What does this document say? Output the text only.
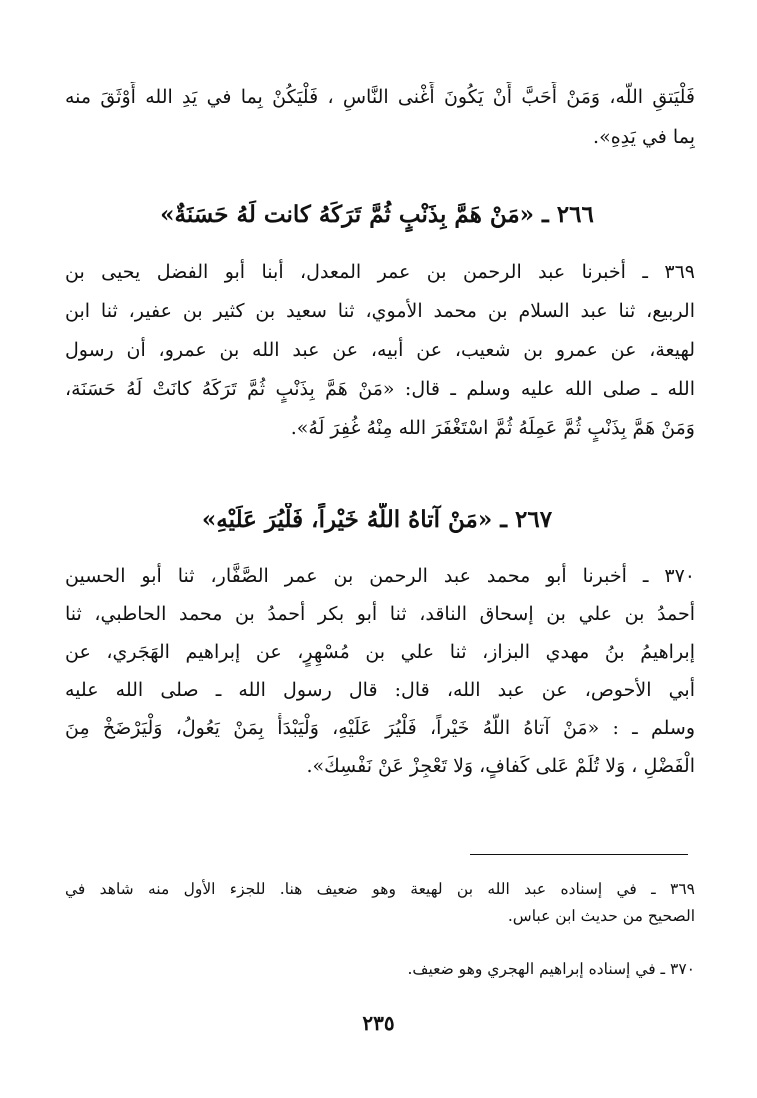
فَلْيَتقِ اللّه، وَمَنْ أَحَبَّ أَنْ يَكُونَ أَغْنى النَّاسِ ، فَلْيَكُنْ بِما في يَدِ الله أَوْثَقَ منه
بِما في يَدِهِ».
٢٦٦ ـ «مَنْ هَمَّ بِذَنْبٍ ثُمَّ تَرَكَهُ كانت لَهُ حَسَنَةٌ»
٣٦٩ ـ أخبرنا عبد الرحمن بن عمر المعدل، أبنا أبو الفضل يحيى بن
الربيع، ثنا عبد السلام بن محمد الأموي، ثنا سعيد بن كثير بن عفير، ثنا ابن
لهيعة، عن عمرو بن شعيب، عن أبيه، عن عبد الله بن عمرو، أن رسول
الله ـ صلى الله عليه وسلم ـ قال: «مَنْ هَمَّ بِذَنْبٍ ثُمَّ تَرَكَهُ كانَتْ لَهُ حَسَنَة،
وَمَنْ هَمَّ بِذَنْبٍ ثُمَّ عَمِلَهُ ثُمَّ اسْتَغْفَرَ الله مِنْهُ غُفِرَ لَهُ».
٢٦٧ ـ «مَنْ آتاهُ اللّهُ خَيْراً، فَلْيُرَ عَلَيْهِ»
٣٧٠ ـ أخبرنا أبو محمد عبد الرحمن بن عمر الصَّفَّار، ثنا أبو الحسين
أحمدُ بن علي بن إسحاق الناقد، ثنا أبو بكر أحمدُ بن محمد الحاطبي، ثنا
إبراهيمُ بنُ مهدي البزاز، ثنا علي بن مُسْهِرٍ، عن إبراهيم الهَجَري، عن
أبي الأحوص، عن عبد الله، قال: قال رسول الله ـ صلى الله عليه
وسلم ـ : «مَنْ آتاهُ اللّهُ خَيْراً، فَلْيُرَ عَلَيْهِ، وَلْيَبْدَأْ بِمَنْ يَعُولُ، وَلْيَرْضَخْ مِنَ
الْفَضْلِ ، وَلا تُلَمْ عَلى كَفافٍ، وَلا تَعْجِزْ عَنْ نَفْسِكَ».
٣٦٩ ـ في إسناده عبد الله بن لهيعة وهو ضعيف هنا. للجزء الأول منه شاهد في
الصحيح من حديث ابن عباس.
٣٧٠ ـ في إسناده إبراهيم الهجري وهو ضعيف.
٢٣٥
